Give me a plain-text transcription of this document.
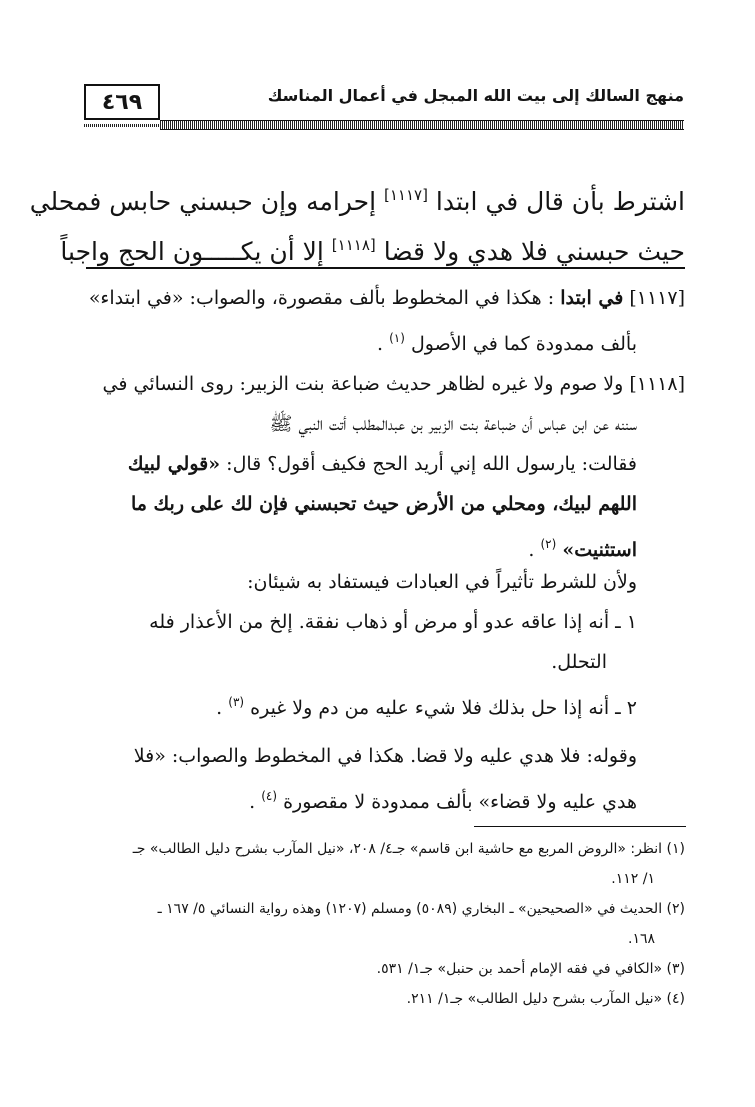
٤٦٩	منهج السالك إلى بيت الله المبجل في أعمال المناسك
اشترط بأن قال في ابتدا [١١١٧] إحرامه وإن حبسني حابس فمحلي
حيث حبسني فلا هدي ولا قضا [١١١٨] إلا أن يكـــــون الحج واجباً
[١١١٧] في ابتدا : هكذا في المخطوط بألف مقصورة، والصواب: «في ابتداء»
بألف ممدودة كما في الأصول $^{(١)}$ .
[١١١٨] ولا صوم ولا غيره لظاهر حديث ضباعة بنت الزبير: روى النسائي في
سننه عن ابن عباس أن ضباعة بنت الزبير بن عبدالمطلب أتت النبي ﷺ
فقالت: يارسول الله إني أريد الحج فكيف أقول؟ قال: «قولي لبيك
اللهم لبيك، ومحلي من الأرض حيث تحبسني فإن لك على ربك ما
استثنيت» $^{(٢)}$ .
ولأن للشرط تأثيراً في العبادات فيستفاد به شيئان:
١ ـ أنه إذا عاقه عدو أو مرض أو ذهاب نفقة. إلخ من الأعذار فله
التحلل.
٢ ـ أنه إذا حل بذلك فلا شيء عليه من دم ولا غيره $^{(٣)}$ .
وقوله: فلا هدي عليه ولا قضا. هكذا في المخطوط والصواب: «فلا
هدي عليه ولا قضاء» بألف ممدودة لا مقصورة $^{(٤)}$ .
(١) انظر: «الروض المربع مع حاشية ابن قاسم» جـ٤/ ٢٠٨، «نيل المآرب بشرح دليل الطالب» جـ
١/ ١١٢.
(٢) الحديث في «الصحيحين» ـ البخاري (٥٠٨٩) ومسلم (١٢٠٧) وهذه رواية النسائي ٥/ ١٦٧ ـ
١٦٨.
(٣) «الكافي في فقه الإمام أحمد بن حنبل» جـ١/ ٥٣١.
(٤) «نيل المآرب بشرح دليل الطالب» جـ١/ ٢١١.
